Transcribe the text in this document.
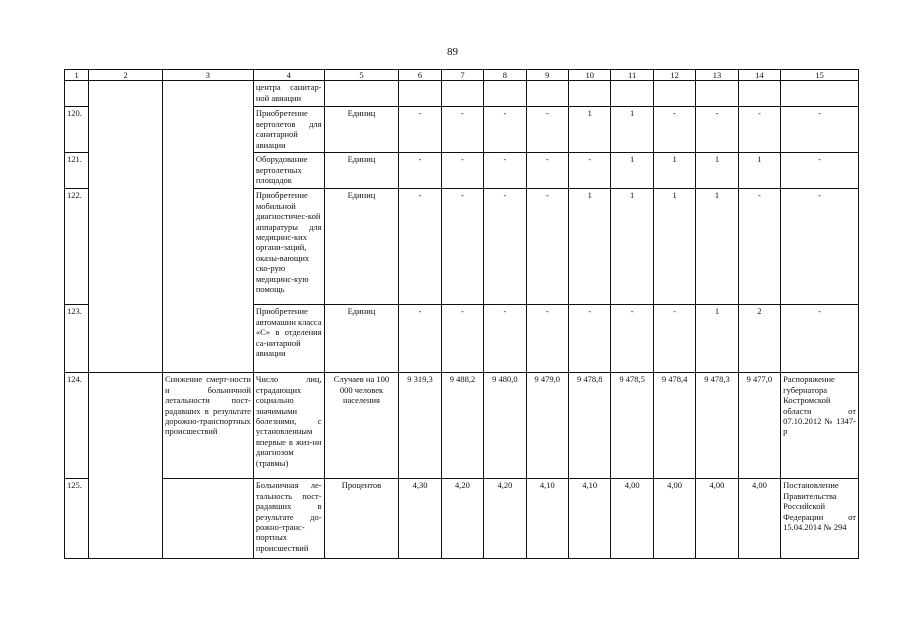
89
1	2	3	4	5	6	7	8	9	10	11	12	13	14	15
			центра санитар-ной авиации											
120.			Приобретение вертолетов для санитарной авиации	Единиц	-	-	-	-	1	1	-	-	-	-
121.			Оборудование вертолетных площадок	Единиц	-	-	-	-	-	1	1	1	1	-
122.			Приобретение мобильной диагностичес-кой аппаратуры для медицинс-ких органи-заций, оказы-вающих ско-рую медицинс-кую помощь	Единиц	-	-	-	-	1	1	1	1	-	-
123.			Приобретение автомашин класса «С» в отделения са-нитарной авиации	Единиц	-	-	-	-	-	-	-	1	2	-
124.		Снижение смерт-ности и больничной летальности пост-радавших в результате дорожно-транспортных происшествий	Число лиц, страдающих социально значимыми болезнями, с установленным впервые в жиз-ни диагнозом (травмы)	Случаев на 100 000 человек населения	9 319,3	9 488,2	9 480,0	9 479,0	9 478,8	9 478,5	9 478,4	9 478,3	9 477,0	Распоряжение губернатора Костромской области от 07.10.2012 № 1347-р
125.			Больничная ле-тальность пост-радавших в результате до-рожно-транс-портных происшествий	Процентов	4,30	4,20	4,20	4,10	4,10	4,00	4,00	4,00	4,00	Постановление Правительства Российской Федерации от 15.04.2014 № 294
